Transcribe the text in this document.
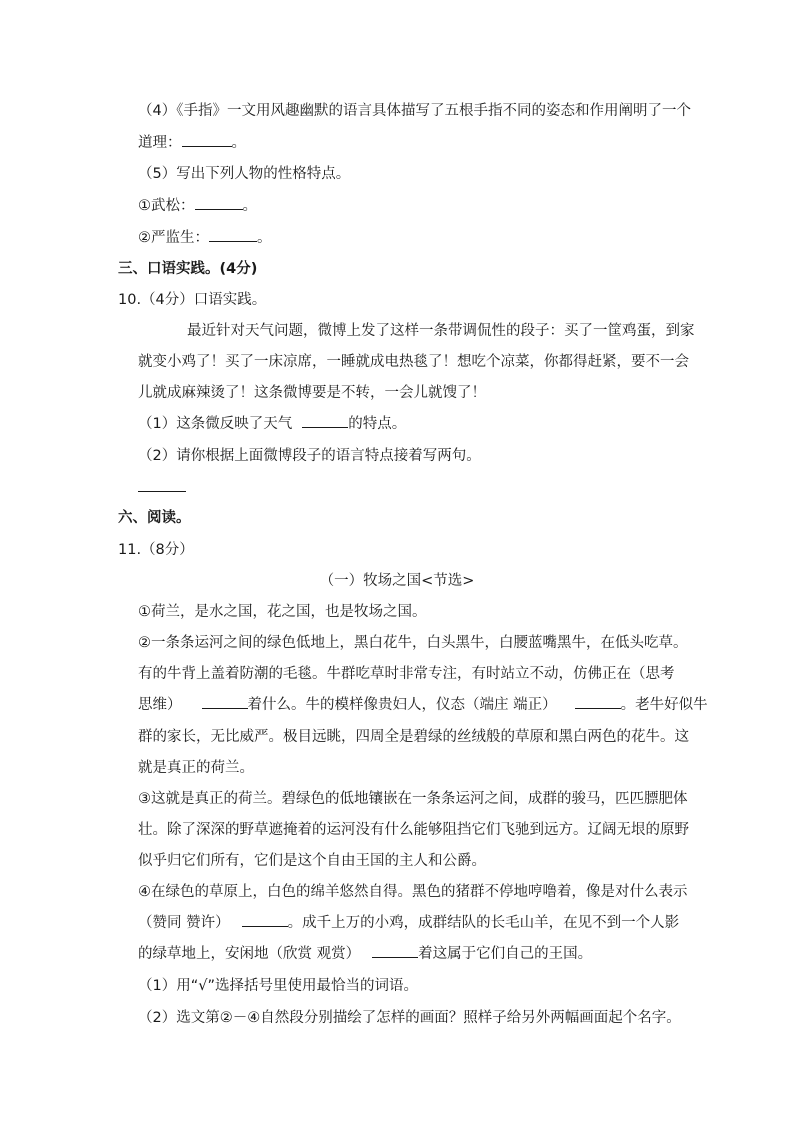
（4）《手指》一文用风趣幽默的语言具体描写了五根手指不同的姿态和作用阐明了一个
道理：	。
（5）写出下列人物的性格特点。
①武松：	。
②严监生：	。
三、口语实践。(4分)
10.（4分）口语实践。
最近针对天气问题，微博上发了这样一条带调侃性的段子：买了一筐鸡蛋，到家
就变小鸡了！买了一床凉席，一睡就成电热毯了！想吃个凉菜，你都得赶紧，要不一会
儿就成麻辣烫了！这条微博要是不转，一会儿就馊了！
（1）这条微反映了天气	的特点。
（2）请你根据上面微博段子的语言特点接着写两句。
六、阅读。
11.（8分）
（一）牧场之国<节选>
①荷兰，是水之国，花之国，也是牧场之国。
②一条条运河之间的绿色低地上，黑白花牛，白头黑牛，白腰蓝嘴黑牛，在低头吃草。
有的牛背上盖着防潮的毛毯。牛群吃草时非常专注，有时站立不动，仿佛正在（思考
思维）	着什么。牛的模样像贵妇人，仪态（端庄 端正）	。老牛好似牛
群的家长，无比威严。极目远眺，四周全是碧绿的丝绒般的草原和黑白两色的花牛。这
就是真正的荷兰。
③这就是真正的荷兰。碧绿色的低地镶嵌在一条条运河之间，成群的骏马，匹匹膘肥体
壮。除了深深的野草遮掩着的运河没有什么能够阻挡它们飞驰到远方。辽阔无垠的原野
似乎归它们所有，它们是这个自由王国的主人和公爵。
④在绿色的草原上，白色的绵羊悠然自得。黑色的猪群不停地哼噜着，像是对什么表示
（赞同 赞许）	。成千上万的小鸡，成群结队的长毛山羊，在见不到一个人影
的绿草地上，安闲地（欣赏 观赏）	着这属于它们自己的王国。
（1）用“√”选择括号里使用最恰当的词语。
（2）选文第②－④自然段分别描绘了怎样的画面？照样子给另外两幅画面起个名字。
